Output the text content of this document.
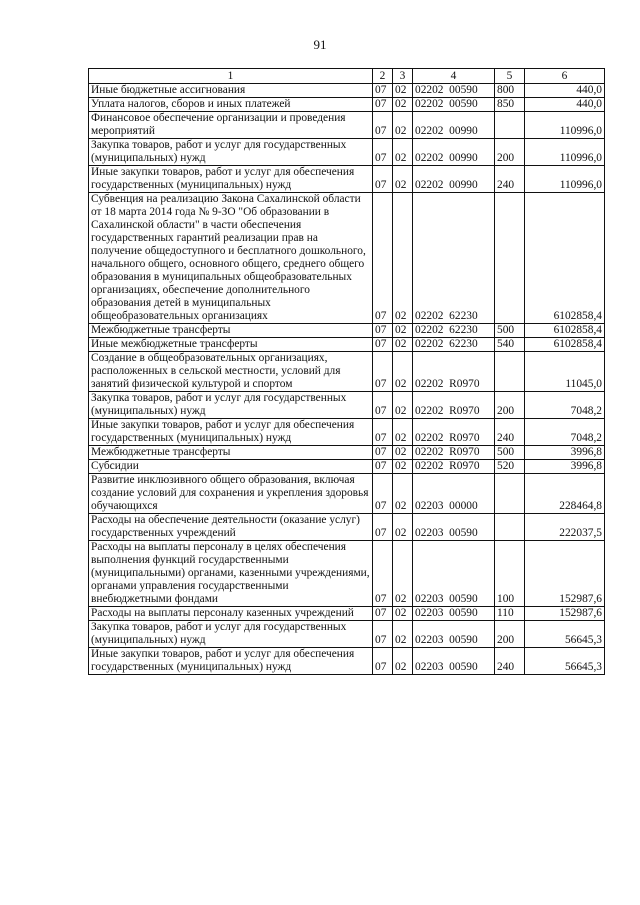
91
1	2	3	4	5	6
Иные бюджетные ассигнования	07	02	02202  00590	800	440,0
Уплата налогов, сборов и иных платежей	07	02	02202  00590	850	440,0
Финансовое обеспечение организации и проведения мероприятий	07	02	02202  00990		110996,0
Закупка товаров, работ и услуг для государственных (муниципальных) нужд	07	02	02202  00990	200	110996,0
Иные закупки товаров, работ и услуг для обеспечения государственных (муниципальных) нужд	07	02	02202  00990	240	110996,0
Субвенция на реализацию Закона Сахалинской области от 18 марта 2014 года № 9-ЗО "Об образовании в Сахалинской области" в части обеспечения государственных гарантий реализации прав на получение общедоступного и бесплатного дошкольного, начального общего, основного общего, среднего общего образования в муниципальных общеобразовательных организациях, обеспечение дополнительного образования детей в муниципальных общеобразовательных организациях	07	02	02202  62230		6102858,4
Межбюджетные трансферты	07	02	02202  62230	500	6102858,4
Иные межбюджетные трансферты	07	02	02202  62230	540	6102858,4
Создание в общеобразовательных организациях, расположенных в сельской местности, условий для занятий физической культурой и спортом	07	02	02202  R0970		11045,0
Закупка товаров, работ и услуг для государственных (муниципальных) нужд	07	02	02202  R0970	200	7048,2
Иные закупки товаров, работ и услуг для обеспечения государственных (муниципальных) нужд	07	02	02202  R0970	240	7048,2
Межбюджетные трансферты	07	02	02202  R0970	500	3996,8
Субсидии	07	02	02202  R0970	520	3996,8
Развитие инклюзивного общего образования, включая создание условий для сохранения и укрепления здоровья обучающихся	07	02	02203  00000		228464,8
Расходы на обеспечение деятельности (оказание услуг) государственных учреждений	07	02	02203  00590		222037,5
Расходы на выплаты персоналу в целях обеспечения выполнения функций государственными (муниципальными) органами, казенными учреждениями, органами управления государственными внебюджетными фондами	07	02	02203  00590	100	152987,6
Расходы на выплаты персоналу казенных учреждений	07	02	02203  00590	110	152987,6
Закупка товаров, работ и услуг для государственных (муниципальных) нужд	07	02	02203  00590	200	56645,3
Иные закупки товаров, работ и услуг для обеспечения государственных (муниципальных) нужд	07	02	02203  00590	240	56645,3
